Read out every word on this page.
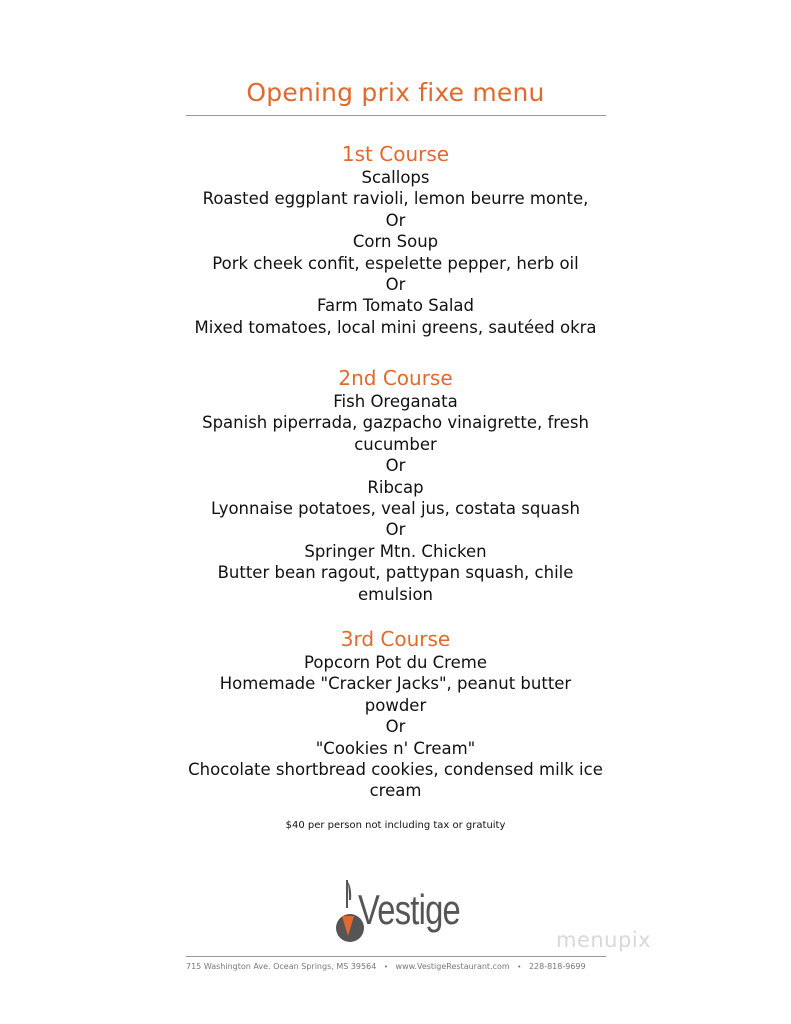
Opening prix fixe menu
1st Course
Scallops
Roasted eggplant ravioli, lemon beurre monte,
Or
Corn Soup
Pork cheek confit, espelette pepper, herb oil
Or
Farm Tomato Salad
Mixed tomatoes, local mini greens, sautéed okra
2nd Course
Fish Oreganata
Spanish piperrada, gazpacho vinaigrette, fresh
cucumber
Or
Ribcap
Lyonnaise potatoes, veal jus, costata squash
Or
Springer Mtn. Chicken
Butter bean ragout, pattypan squash, chile
emulsion
3rd Course
Popcorn Pot du Creme
Homemade "Cracker Jacks", peanut butter
powder
Or
"Cookies n' Cream"
Chocolate shortbread cookies, condensed milk ice
cream
$40 per person not including tax or gratuity
Vestige
715 Washington Ave. Ocean Springs, MS 39564 • www.VestigeRestaurant.com • 228-818-9699
menupix
